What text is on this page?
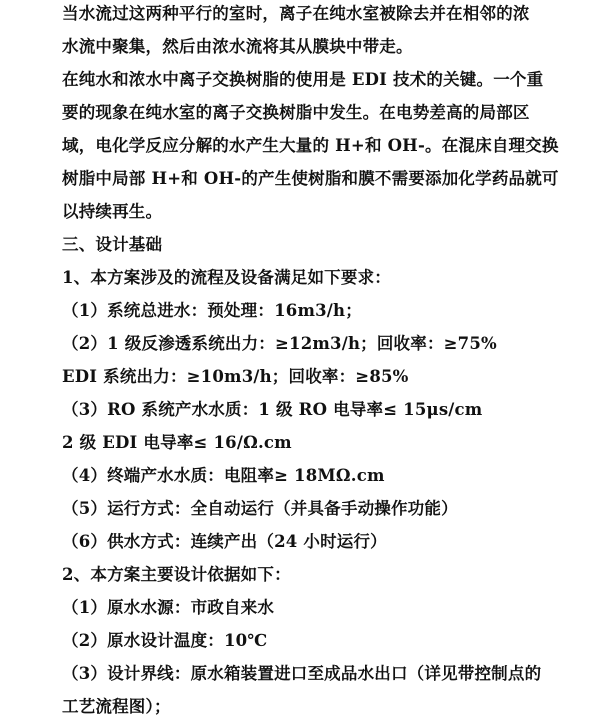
当水流过这两种平行的室时，离子在纯水室被除去并在相邻的浓
水流中聚集，然后由浓水流将其从膜块中带走。
在纯水和浓水中离子交换树脂的使用是 EDI 技术的关键。一个重
要的现象在纯水室的离子交换树脂中发生。在电势差高的局部区
域，电化学反应分解的水产生大量的 H+和 OH-。在混床自理交换
树脂中局部 H+和 OH-的产生使树脂和膜不需要添加化学药品就可
以持续再生。
三、设计基础
1、本方案涉及的流程及设备满足如下要求：
（1）系统总进水：预处理：16m3/h；
（2）1 级反渗透系统出力：≥12m3/h；回收率：≥75%
EDI 系统出力：≥10m3/h；回收率：≥85%
（3）RO 系统产水水质：1 级 RO 电导率≤ 15μs/cm
2 级 EDI 电导率≤ 16/Ω.cm
（4）终端产水水质：电阻率≥ 18MΩ.cm
（5）运行方式：全自动运行（并具备手动操作功能）
（6）供水方式：连续产出（24 小时运行）
2、本方案主要设计依据如下：
（1）原水水源：市政自来水
（2）原水设计温度：10℃
（3）设计界线：原水箱装置进口至成品水出口（详见带控制点的
工艺流程图）；
